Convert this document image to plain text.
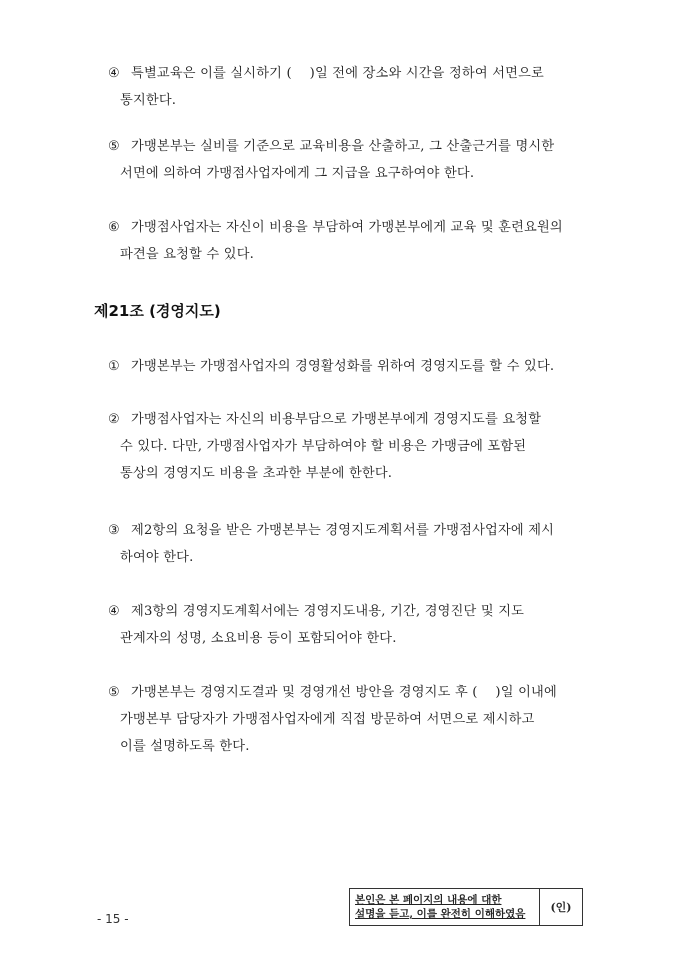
④ 특별교육은 이를 실시하기 (　 )일 전에 장소와 시간을 정하여 서면으로
통지한다.
⑤ 가맹본부는 실비를 기준으로 교육비용을 산출하고, 그 산출근거를 명시한
서면에 의하여 가맹점사업자에게 그 지급을 요구하여야 한다.
⑥ 가맹점사업자는 자신이 비용을 부담하여 가맹본부에게 교육 및 훈련요원의
파견을 요청할 수 있다.
제21조 (경영지도)
① 가맹본부는 가맹점사업자의 경영활성화를 위하여 경영지도를 할 수 있다.
② 가맹점사업자는 자신의 비용부담으로 가맹본부에게 경영지도를 요청할
수 있다. 다만, 가맹점사업자가 부담하여야 할 비용은 가맹금에 포함된
통상의 경영지도 비용을 초과한 부분에 한한다.
③ 제2항의 요청을 받은 가맹본부는 경영지도계획서를 가맹점사업자에 제시
하여야 한다.
④ 제3항의 경영지도계획서에는 경영지도내용, 기간, 경영진단 및 지도
관계자의 성명, 소요비용 등이 포함되어야 한다.
⑤ 가맹본부는 경영지도결과 및 경영개선 방안을 경영지도 후 (　 )일 이내에
가맹본부 담당자가 가맹점사업자에게 직접 방문하여 서면으로 제시하고
이를 설명하도록 한다.
- 15 -
본인은 본 페이지의 내용에 대한
설명을 듣고, 이를 완전히 이해하였음	(인)
